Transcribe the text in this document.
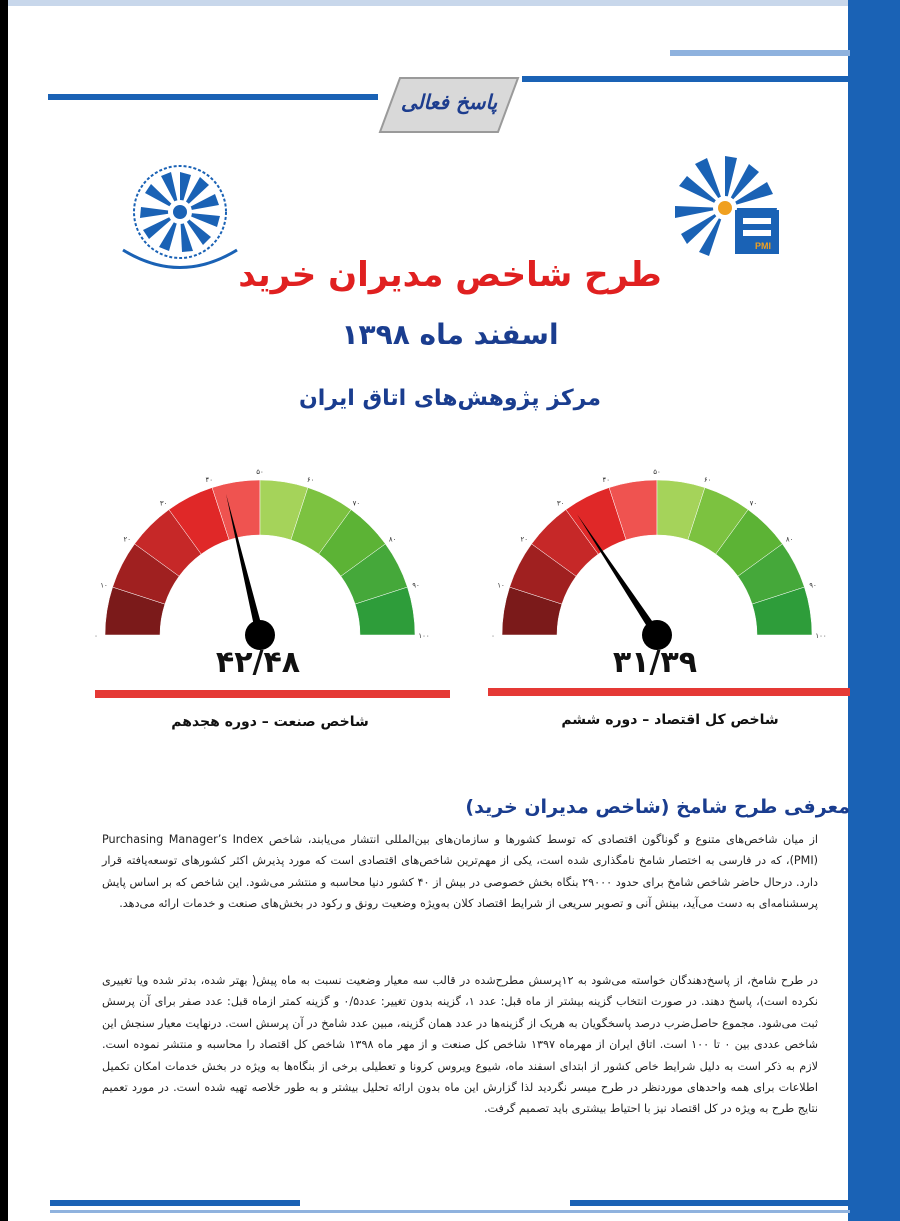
پاسخ فعالی
PMI
طرح شاخص مدیران خرید
اسفند ماه ۱۳۹۸
مرکز پژوهش‌های اتاق ایران
۰
۱۰
۲۰
۳۰
۴۰
۵۰
۶۰
۷۰
۸۰
۹۰
۱۰۰	۰
۱۰
۲۰
۳۰
۴۰
۵۰
۶۰
۷۰
۸۰
۹۰
۱۰۰
۴۲/۴۸	۳۱/۳۹
شاخص صنعت – دوره هجدهم	شاخص کل اقتصاد – دوره ششم
معرفی طرح شامخ (شاخص مدیران خرید)
از میان شاخص‌های متنوع و گوناگون اقتصادی که توسط کشورها و سازمان‌های بین‌المللی انتشار می‌یابند، شاخص Purchasing Manager’s Index (PMI)، که در فارسی به اختصار شامخ نامگذاری شده است، یکی از مهم‌ترین شاخص‌های اقتصادی است که مورد پذیرش اکثر کشورهای توسعه‌یافته قرار دارد. درحال حاضر شاخص شامخ برای حدود ۲۹۰۰۰ بنگاه بخش خصوصی در بیش از ۴۰ کشور دنیا محاسبه و منتشر می‌شود. این شاخص که بر اساس پایش پرسشنامه‌ای به دست می‌آید، بینش آنی و تصویر سریعی از شرایط اقتصاد کلان به‌ویژه وضعیت رونق و رکود در بخش‌های صنعت و خدمات ارائه می‌دهد.
در طرح شامخ، از پاسخ‌دهندگان خواسته می‌شود به ۱۲پرسش مطرح‌شده در قالب سه معیار وضعیت نسبت به ماه پیش( بهتر شده، بدتر شده ویا تغییری نکرده است)، پاسخ دهند. در صورت انتخاب گزینه بیشتر از ماه قبل: عدد ۱، گزینه بدون تغییر: عدد۰/۵ و گزینه کمتر ازماه قبل: عدد صفر برای آن پرسش ثبت می‌شود. مجموع حاصل‌ضرب درصد پاسخگویان به هریک از گزینه‌ها در عدد همان گزینه، مبین عدد شامخ در آن پرسش است. درنهایت معیار سنجش این شاخص عددی بین ۰ تا ۱۰۰ است. اتاق ایران از مهرماه ۱۳۹۷ شاخص کل صنعت و از مهر ماه ۱۳۹۸ شاخص کل اقتصاد را محاسبه و منتشر نموده است. لازم به ذکر است به دلیل شرایط خاص کشور از ابتدای اسفند ماه، شیوع ویروس کرونا و تعطیلی برخی از بنگاه‌ها به ویژه در بخش خدمات امکان تکمیل اطلاعات برای همه واحدهای موردنظر در طرح میسر نگردید لذا گزارش این ماه بدون ارائه تحلیل بیشتر و به طور خلاصه تهیه شده است. در مورد تعمیم نتایج طرح به ویژه در کل اقتصاد نیز با احتیاط بیشتری باید تصمیم گرفت.
